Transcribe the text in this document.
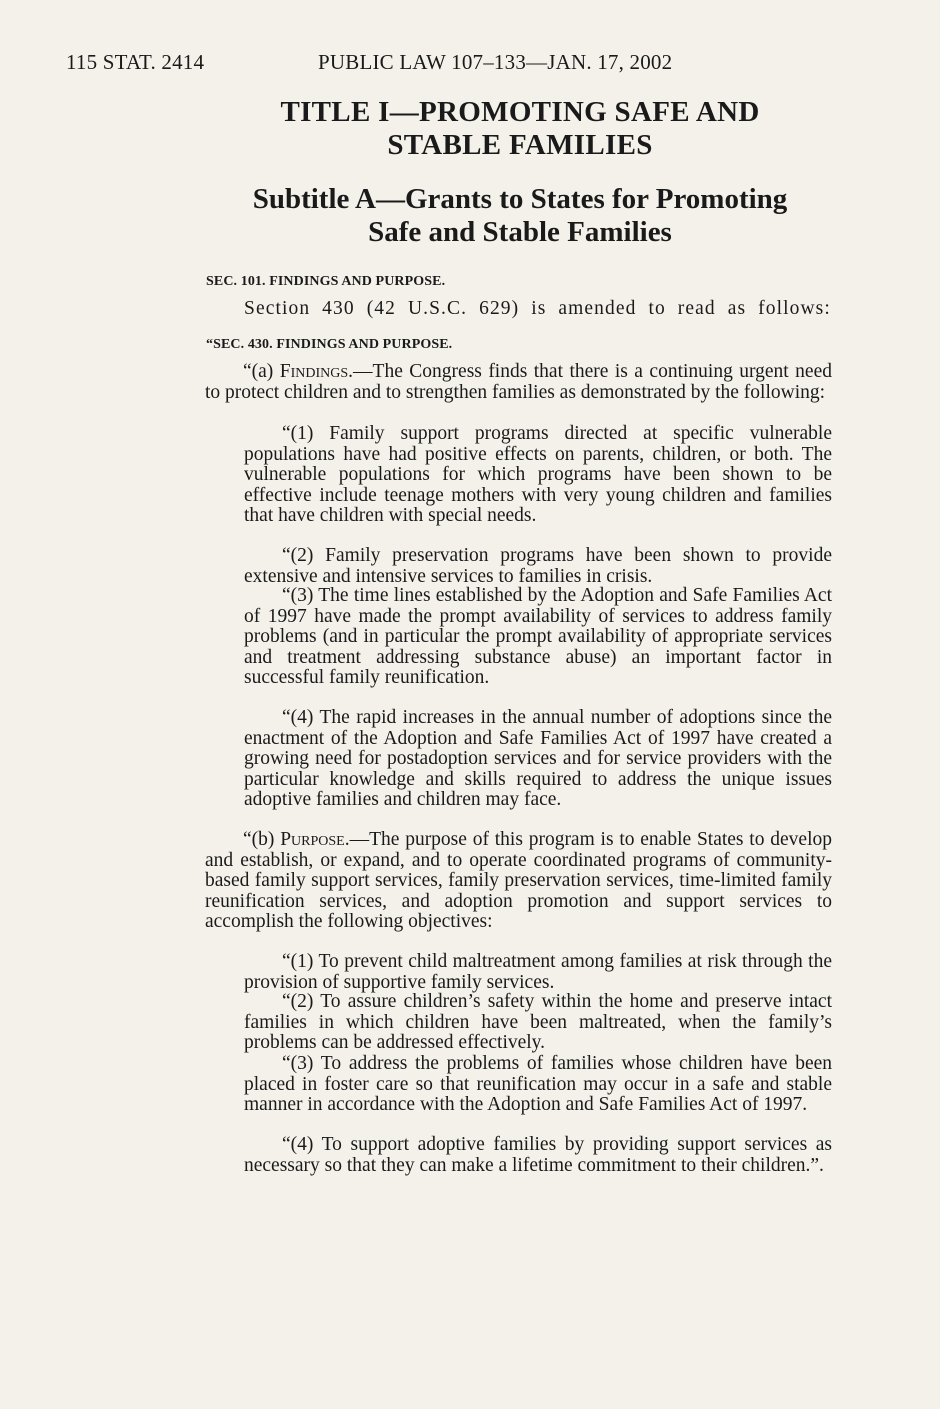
115 STAT. 2414	PUBLIC LAW 107–133—JAN. 17, 2002
TITLE I—PROMOTING SAFE AND
STABLE FAMILIES
Subtitle A—Grants to States for Promoting
Safe and Stable Families
SEC. 101. FINDINGS AND PURPOSE.
Section 430 (42 U.S.C. 629) is amended to read as follows:
“SEC. 430. FINDINGS AND PURPOSE.
“(a) Findings.—The Congress finds that there is a continuing urgent need to protect children and to strengthen families as demonstrated by the following:
“(1) Family support programs directed at specific vulnerable populations have had positive effects on parents, children, or both. The vulnerable populations for which programs have been shown to be effective include teenage mothers with very young children and families that have children with special needs.
“(2) Family preservation programs have been shown to provide extensive and intensive services to families in crisis.
“(3) The time lines established by the Adoption and Safe Families Act of 1997 have made the prompt availability of services to address family problems (and in particular the prompt availability of appropriate services and treatment addressing substance abuse) an important factor in successful family reunification.
“(4) The rapid increases in the annual number of adoptions since the enactment of the Adoption and Safe Families Act of 1997 have created a growing need for postadoption services and for service providers with the particular knowledge and skills required to address the unique issues adoptive families and children may face.
“(b) Purpose.—The purpose of this program is to enable States to develop and establish, or expand, and to operate coordinated programs of community-based family support services, family preservation services, time-limited family reunification services, and adoption promotion and support services to accomplish the following objectives:
“(1) To prevent child maltreatment among families at risk through the provision of supportive family services.
“(2) To assure children’s safety within the home and preserve intact families in which children have been maltreated, when the family’s problems can be addressed effectively.
“(3) To address the problems of families whose children have been placed in foster care so that reunification may occur in a safe and stable manner in accordance with the Adoption and Safe Families Act of 1997.
“(4) To support adoptive families by providing support services as necessary so that they can make a lifetime commitment to their children.”.
